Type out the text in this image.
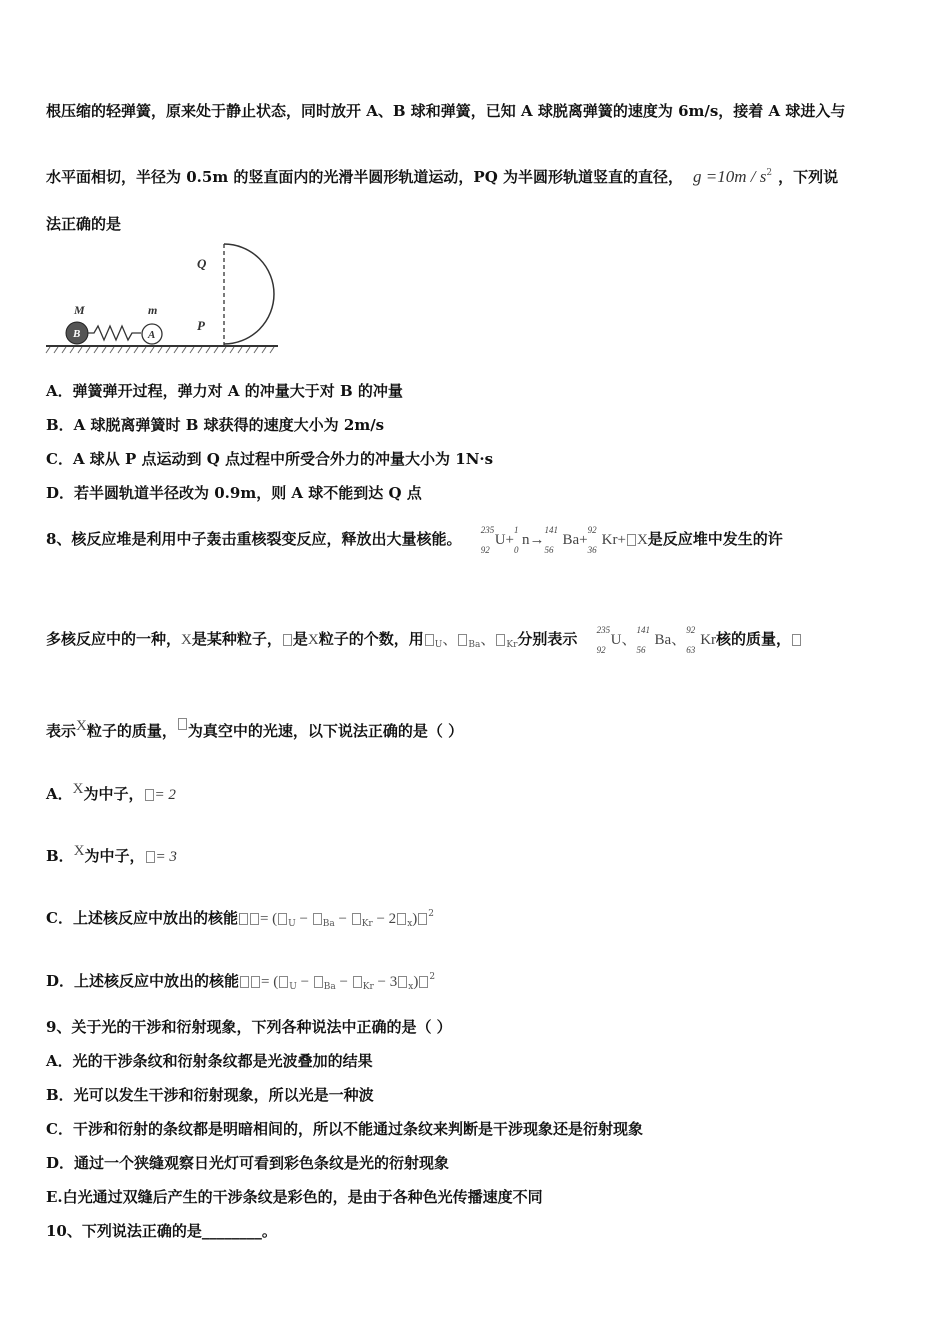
根压缩的轻弹簧，原来处于静止状态，同时放开 A、B 球和弹簧，已知 A 球脱离弹簧的速度为 6m/s，接着 A 球进入与
水平面相切，半径为 0.5m 的竖直面内的光滑半圆形轨道运动，PQ 为半圆形轨道竖直的直径， $g =10m / s^2$ ，下列说
法正确的是
B	A
M	m
Q
P
A．弹簧弹开过程，弹力对 A 的冲量大于对 B 的冲量
B．A 球脱离弹簧时 B 球获得的速度大小为 2m/s
C．A 球从 P 点运动到 Q 点过程中所受合外力的冲量大小为 1N·s
D．若半圆轨道半径改为 0.9m，则 A 球不能到达 Q 点
8、核反应堆是利用中子轰击重核裂变反应，释放出大量核能。 235
92
U+
1
0
n→
141
56
Ba+
92
36
Kr+ X是反应堆中发生的许
多核反应中的一种，X是某种粒子， 是X粒子的个数，用 $_U$、 $_{Ba}$、 $_{Kr}$分别表示 235
92
U、
141
56
Ba、
92
63
Kr核的质量，
表示X粒子的质量， 为真空中的光速，以下说法正确的是（ ）
A．X为中子， = 2
B．X为中子， = 3
C．上述核反应中放出的核能 = ( $_U$ − $_{Ba}$ − $_{Kr}$ − 2 $_x$) $^2$
D．上述核反应中放出的核能 = ( $_U$ − $_{Ba}$ − $_{Kr}$ − 3 $_x$) $^2$
9、关于光的干涉和衍射现象，下列各种说法中正确的是（ ）
A．光的干涉条纹和衍射条纹都是光波叠加的结果
B．光可以发生干涉和衍射现象，所以光是一种波
C．干涉和衍射的条纹都是明暗相间的，所以不能通过条纹来判断是干涉现象还是衍射现象
D．通过一个狭缝观察日光灯可看到彩色条纹是光的衍射现象
E.白光通过双缝后产生的干涉条纹是彩色的，是由于各种色光传播速度不同
10、下列说法正确的是________。
